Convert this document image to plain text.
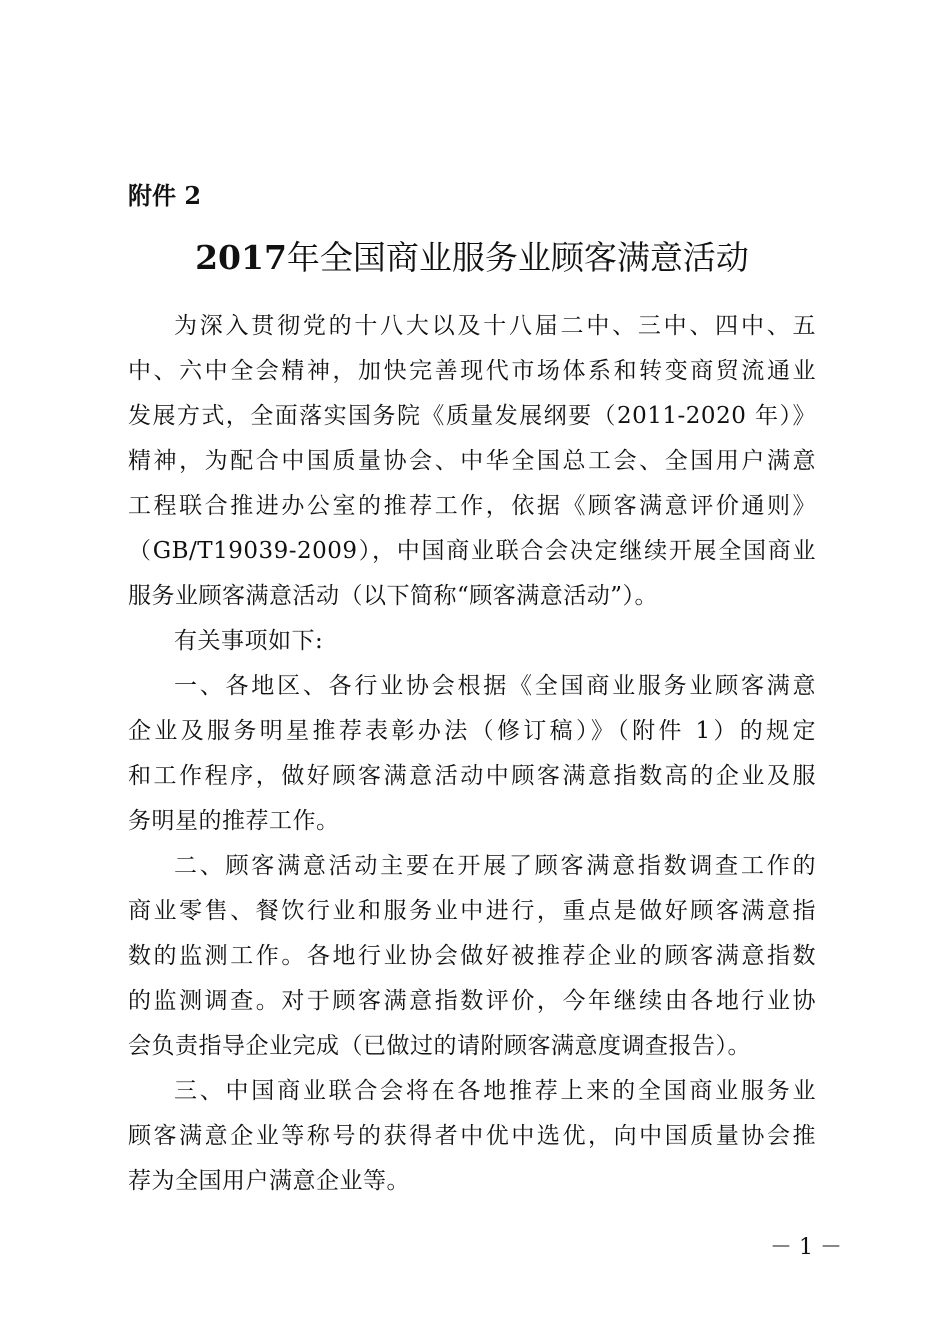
附件 2
2017年全国商业服务业顾客满意活动
为深入贯彻党的十八大以及十八届二中、三中、四中、五
中、六中全会精神，加快完善现代市场体系和转变商贸流通业
发展方式，全面落实国务院《质量发展纲要（2011-2020 年）》
精神，为配合中国质量协会、中华全国总工会、全国用户满意
工程联合推进办公室的推荐工作，依据《顾客满意评价通则》
（GB/T19039-2009），中国商业联合会决定继续开展全国商业
服务业顾客满意活动（以下简称“顾客满意活动”）。
有关事项如下:
一、各地区、各行业协会根据《全国商业服务业顾客满意
企业及服务明星推荐表彰办法（修订稿）》（附件 1）的规定
和工作程序，做好顾客满意活动中顾客满意指数高的企业及服
务明星的推荐工作。
二、顾客满意活动主要在开展了顾客满意指数调查工作的
商业零售、餐饮行业和服务业中进行，重点是做好顾客满意指
数的监测工作。各地行业协会做好被推荐企业的顾客满意指数
的监测调查。对于顾客满意指数评价，今年继续由各地行业协
会负责指导企业完成（已做过的请附顾客满意度调查报告）。
三、中国商业联合会将在各地推荐上来的全国商业服务业
顾客满意企业等称号的获得者中优中选优，向中国质量协会推
荐为全国用户满意企业等。
－ 1 －
